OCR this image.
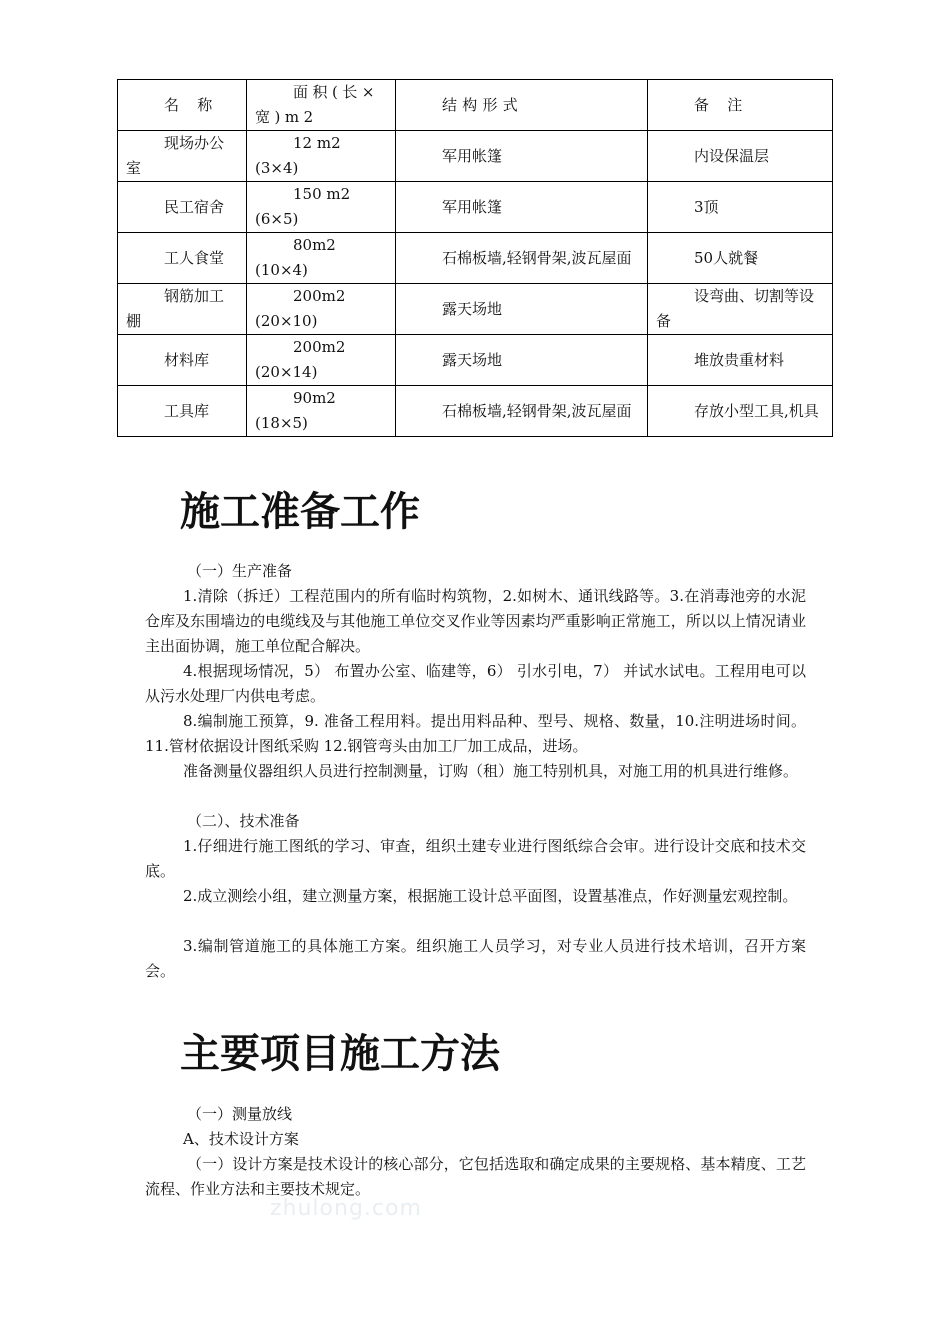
名 称	面积(长×宽)m2	结构形式	备 注

现场办公室	12 m2 (3×4)	军用帐篷	内设保温层

民工宿舍	150 m2 (6×5)	军用帐篷	3顶

工人食堂	80m2 (10×4)	石棉板墙,轻钢骨架,波瓦屋面	50人就餐

钢筋加工棚	200m2 (20×10)	露天场地	设弯曲、切割等设备

材料库	200m2 (20×14)	露天场地	堆放贵重材料

工具库	90m2 (18×5)	石棉板墙,轻钢骨架,波瓦屋面	存放小型工具,机具
施工准备工作

（一）生产准备

1.清除（拆迁）工程范围内的所有临时构筑物，2.如树木、通讯线路等。3.在消毒池旁的水泥仓库及东围墙边的电缆线及与其他施工单位交叉作业等因素均严重影响正常施工，所以以上情况请业主出面协调，施工单位配合解决。

4.根据现场情况，5） 布置办公室、临建等，6） 引水引电，7） 并试水试电。工程用电可以从污水处理厂内供电考虑。

8.编制施工预算，9. 准备工程用料。提出用料品种、型号、规格、数量，10.注明进场时间。11.管材依据设计图纸采购 12.钢管弯头由加工厂加工成品，进场。

准备测量仪器组织人员进行控制测量，订购（租）施工特别机具，对施工用的机具进行维修。

（二）、技术准备

1.仔细进行施工图纸的学习、审查，组织土建专业进行图纸综合会审。进行设计交底和技术交底。

2.成立测绘小组，建立测量方案，根据施工设计总平面图，设置基准点，作好测量宏观控制。

3.编制管道施工的具体施工方案。组织施工人员学习，对专业人员进行技术培训，召开方案会。

主要项目施工方法

（一）测量放线

A、技术设计方案

（一）设计方案是技术设计的核心部分，它包括选取和确定成果的主要规格、基本精度、工艺流程、作业方法和主要技术规定。

zhulong.com
